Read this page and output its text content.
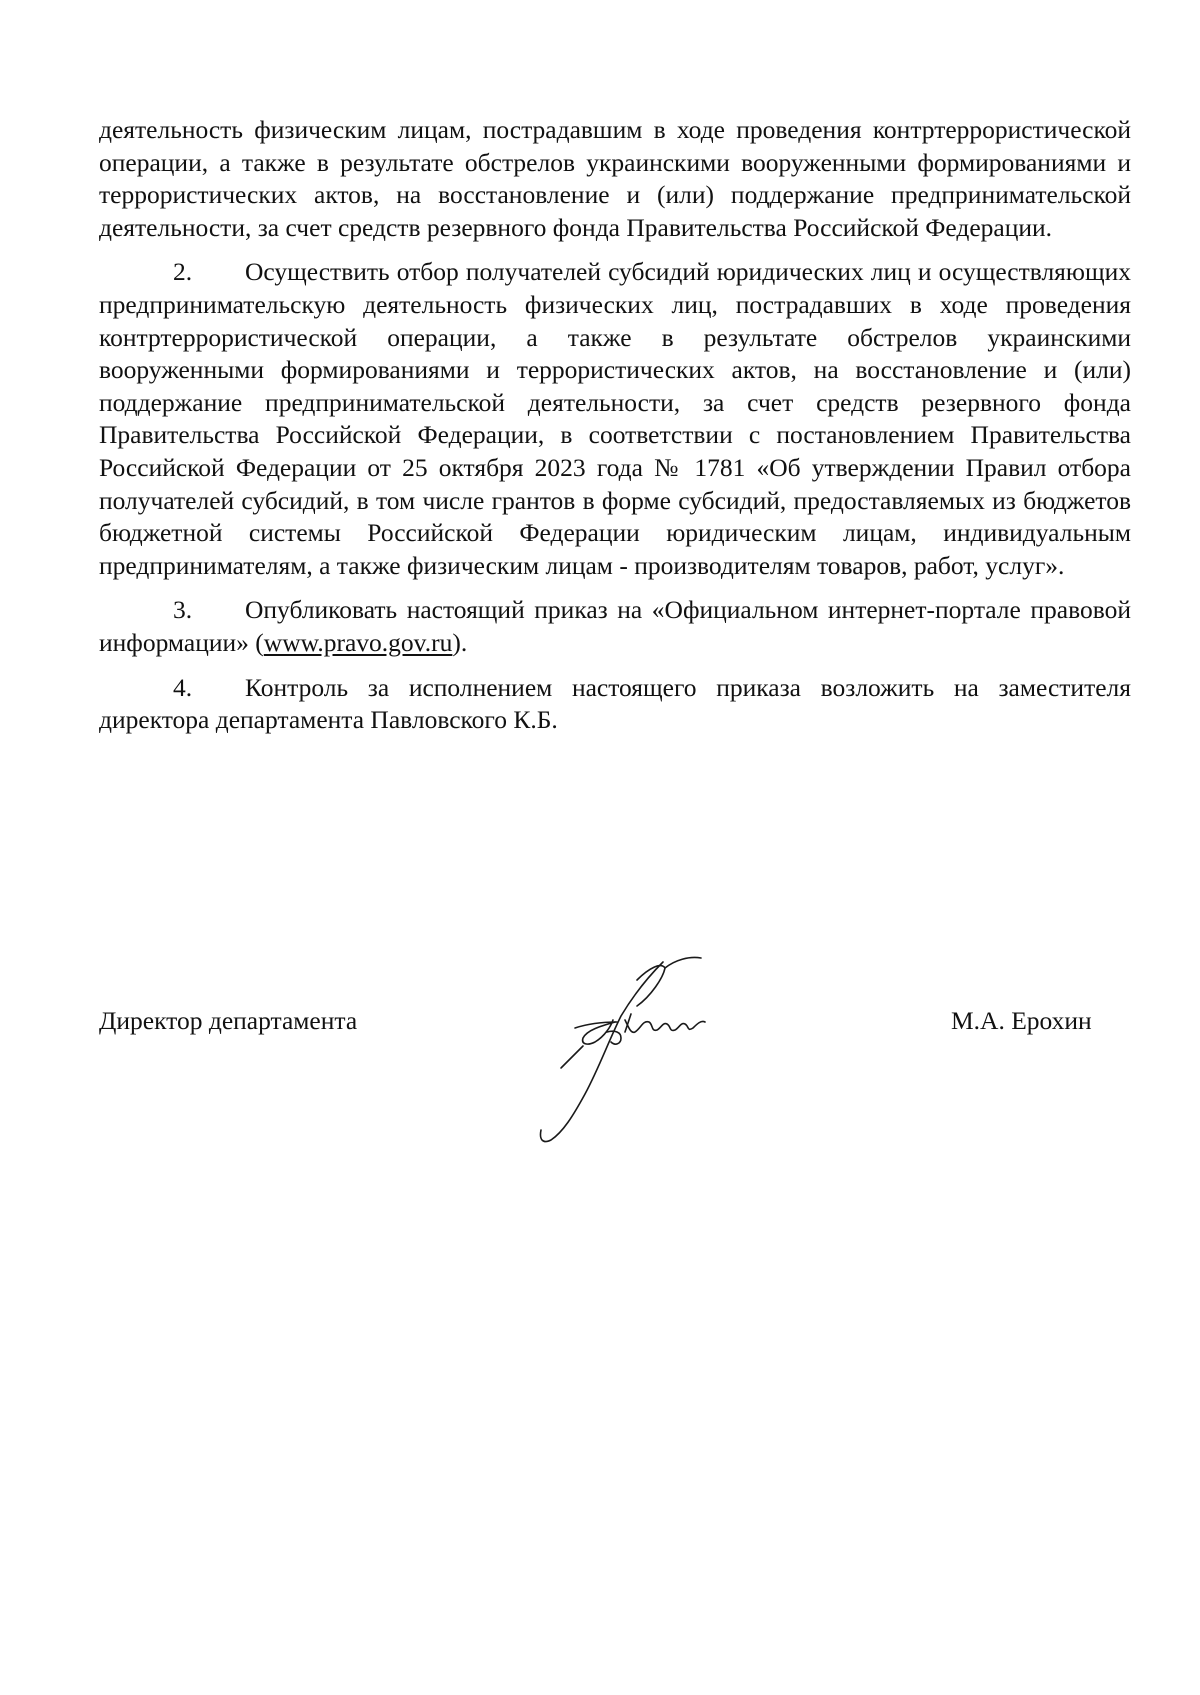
деятельность физическим лицам, пострадавшим в ходе проведения контртеррористической операции, а также в результате обстрелов украинскими вооруженными формированиями и террористических актов, на восстановление и (или) поддержание предпринимательской деятельности, за счет средств резервного фонда Правительства Российской Федерации.

2. Осуществить отбор получателей субсидий юридических лиц и осуществляющих предпринимательскую деятельность физических лиц, пострадавших в ходе проведения контртеррористической операции, а также в результате обстрелов украинскими вооруженными формированиями и террористических актов, на восстановление и (или) поддержание предпринимательской деятельности, за счет средств резервного фонда Правительства Российской Федерации, в соответствии с постановлением Правительства Российской Федерации от 25 октября 2023 года № 1781 «Об утверждении Правил отбора получателей субсидий, в том числе грантов в форме субсидий, предоставляемых из бюджетов бюджетной системы Российской Федерации юридическим лицам, индивидуальным предпринимателям, а также физическим лицам - производителям товаров, работ, услуг».

3. Опубликовать настоящий приказ на «Официальном интернет-портале правовой информации» (www.pravo.gov.ru).

4. Контроль за исполнением настоящего приказа возложить на заместителя директора департамента Павловского К.Б.

Директор департамента	М.А. Ерохин
